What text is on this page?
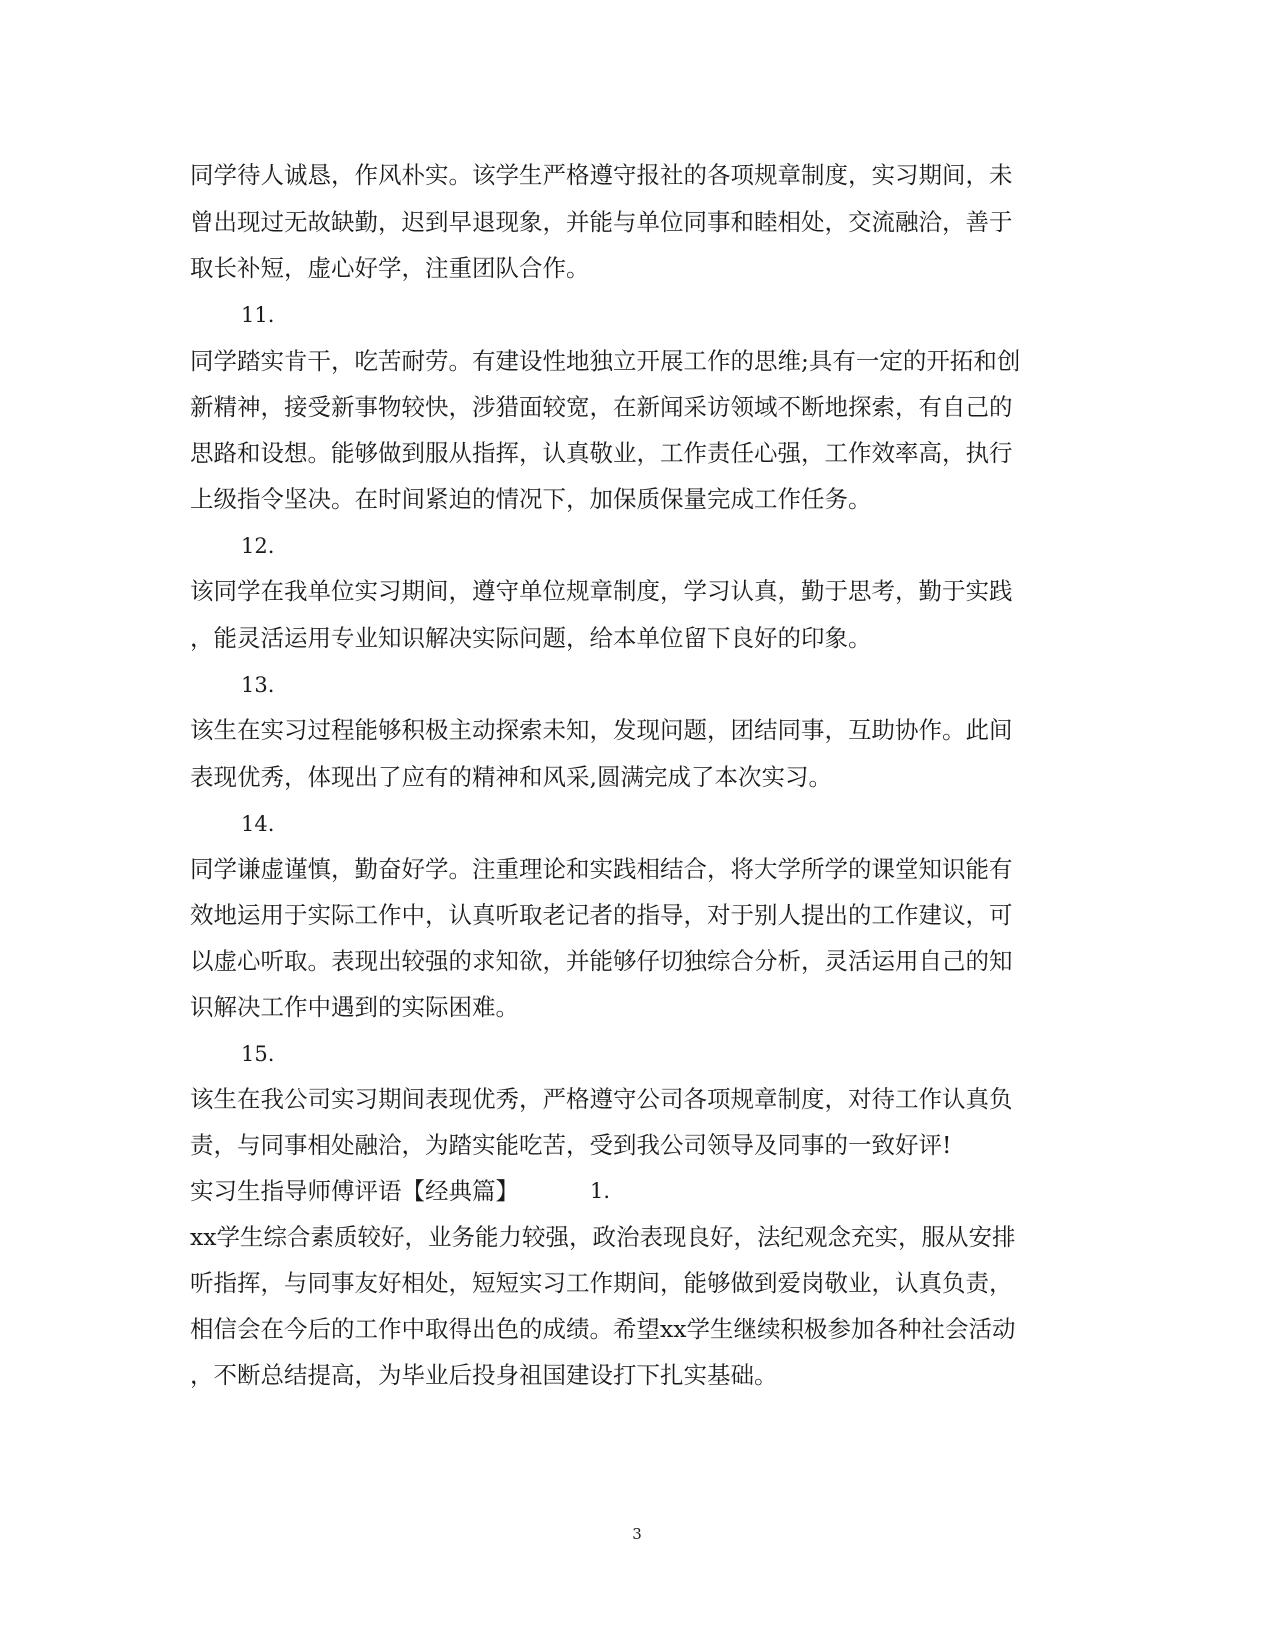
同学待人诚恳，作风朴实。该学生严格遵守报社的各项规章制度，实习期间，未
曾出现过无故缺勤，迟到早退现象，并能与单位同事和睦相处，交流融洽，善于
取长补短，虚心好学，注重团队合作。
11.
同学踏实肯干，吃苦耐劳。有建设性地独立开展工作的思维;具有一定的开拓和创
新精神，接受新事物较快，涉猎面较宽，在新闻采访领域不断地探索，有自己的
思路和设想。能够做到服从指挥，认真敬业，工作责任心强，工作效率高，执行
上级指令坚决。在时间紧迫的情况下，加保质保量完成工作任务。
12.
该同学在我单位实习期间，遵守单位规章制度，学习认真，勤于思考，勤于实践
，能灵活运用专业知识解决实际问题，给本单位留下良好的印象。
13.
该生在实习过程能够积极主动探索未知，发现问题，团结同事，互助协作。此间
表现优秀，体现出了应有的精神和风采,圆满完成了本次实习。
14.
同学谦虚谨慎，勤奋好学。注重理论和实践相结合，将大学所学的课堂知识能有
效地运用于实际工作中，认真听取老记者的指导，对于别人提出的工作建议，可
以虚心听取。表现出较强的求知欲，并能够仔切独综合分析，灵活运用自己的知
识解决工作中遇到的实际困难。
15.
该生在我公司实习期间表现优秀，严格遵守公司各项规章制度，对待工作认真负
责，与同事相处融洽，为踏实能吃苦，受到我公司领导及同事的一致好评!
实习生指导师傅评语【经典篇】	1.
xx学生综合素质较好，业务能力较强，政治表现良好，法纪观念充实，服从安排
听指挥，与同事友好相处，短短实习工作期间，能够做到爱岗敬业，认真负责，
相信会在今后的工作中取得出色的成绩。希望xx学生继续积极参加各种社会活动
，不断总结提高，为毕业后投身祖国建设打下扎实基础。
3
